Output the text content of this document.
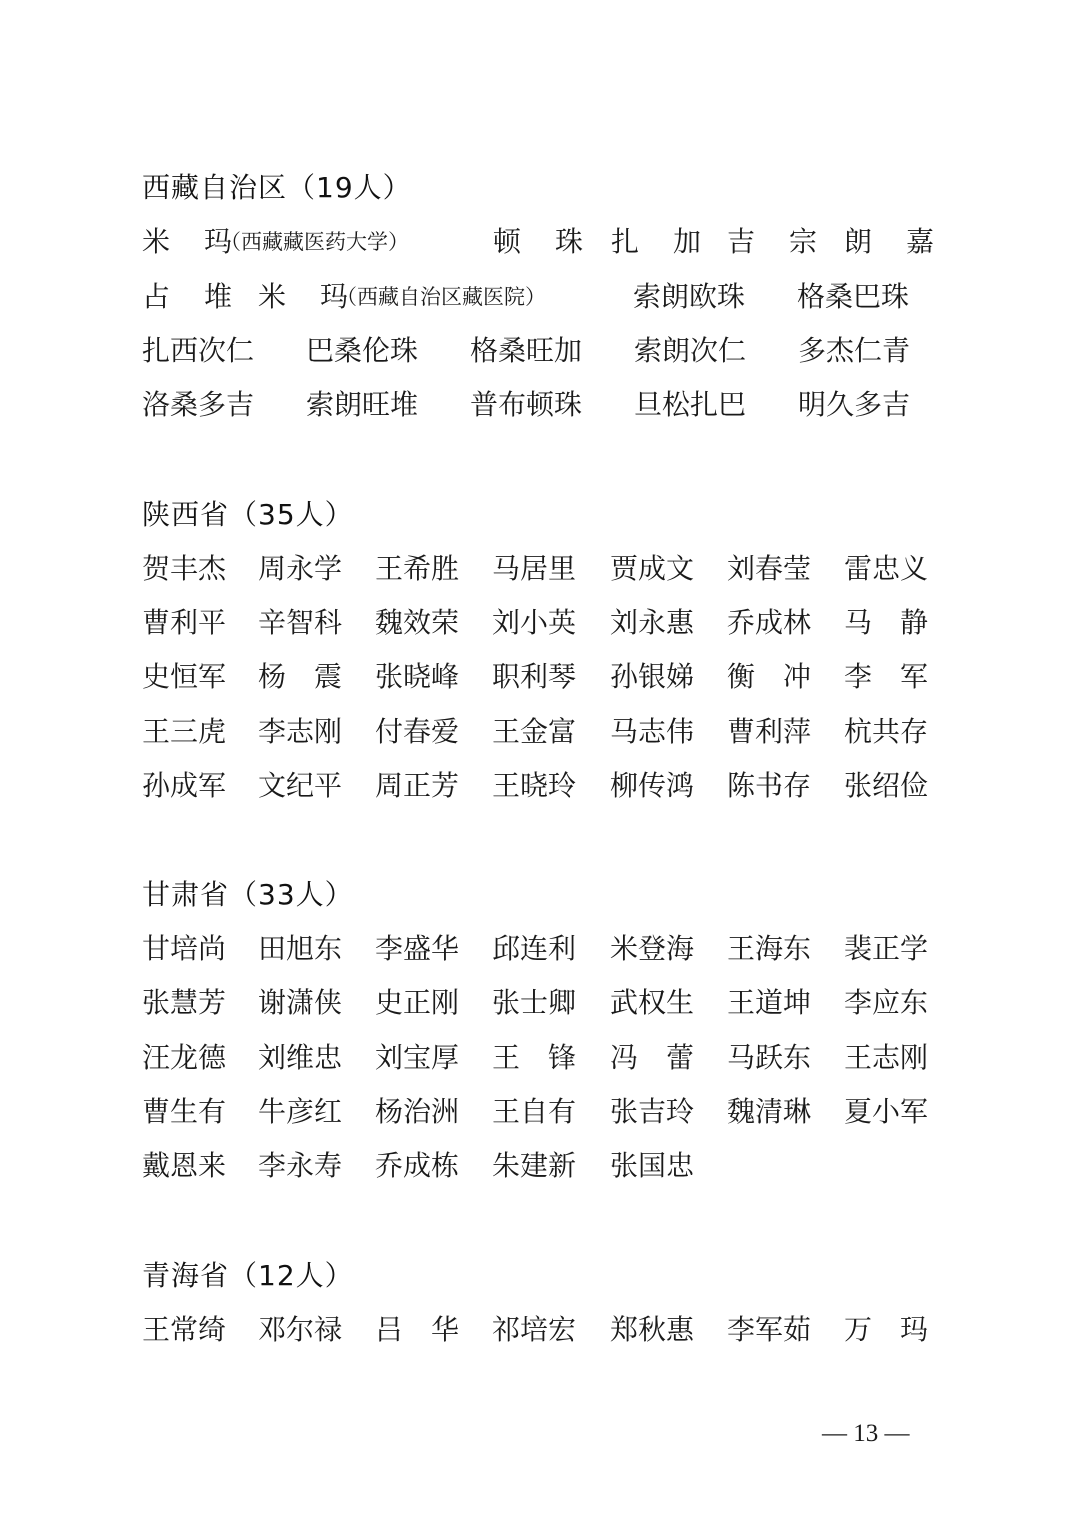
西藏自治区（19人）
米　玛
（西藏藏医药大学）	顿　珠 扎　加 吉　宗 朗　嘉
占　堆 米　玛
（西藏自治区藏医院）	索朗欧珠 格桑巴珠
扎西次仁 巴桑伦珠 格桑旺加 索朗次仁 多杰仁青
洛桑多吉 索朗旺堆 普布顿珠 旦松扎巴 明久多吉
陕西省（35人）
贺丰杰 周永学 王希胜 马居里 贾成文 刘春莹 雷忠义
曹利平 辛智科 魏效荣 刘小英 刘永惠 乔成林 马　静
史恒军 杨　震 张晓峰 职利琴 孙银娣 衡　冲 李　军
王三虎 李志刚 付春爱 王金富 马志伟 曹利萍 杭共存
孙成军 文纪平 周正芳 王晓玲 柳传鸿 陈书存 张绍俭
甘肃省（33人）
甘培尚 田旭东 李盛华 邱连利 米登海 王海东 裴正学
张慧芳 谢潇侠 史正刚 张士卿 武权生 王道坤 李应东
汪龙德 刘维忠 刘宝厚 王　锋 冯　蕾 马跃东 王志刚
曹生有 牛彦红 杨治洲 王自有 张吉玲 魏清琳 夏小军
戴恩来 李永寿 乔成栋 朱建新 张国忠
青海省（12人）
王常绮 邓尔禄 吕　华 祁培宏 郑秋惠 李军茹 万　玛
— 13 —
